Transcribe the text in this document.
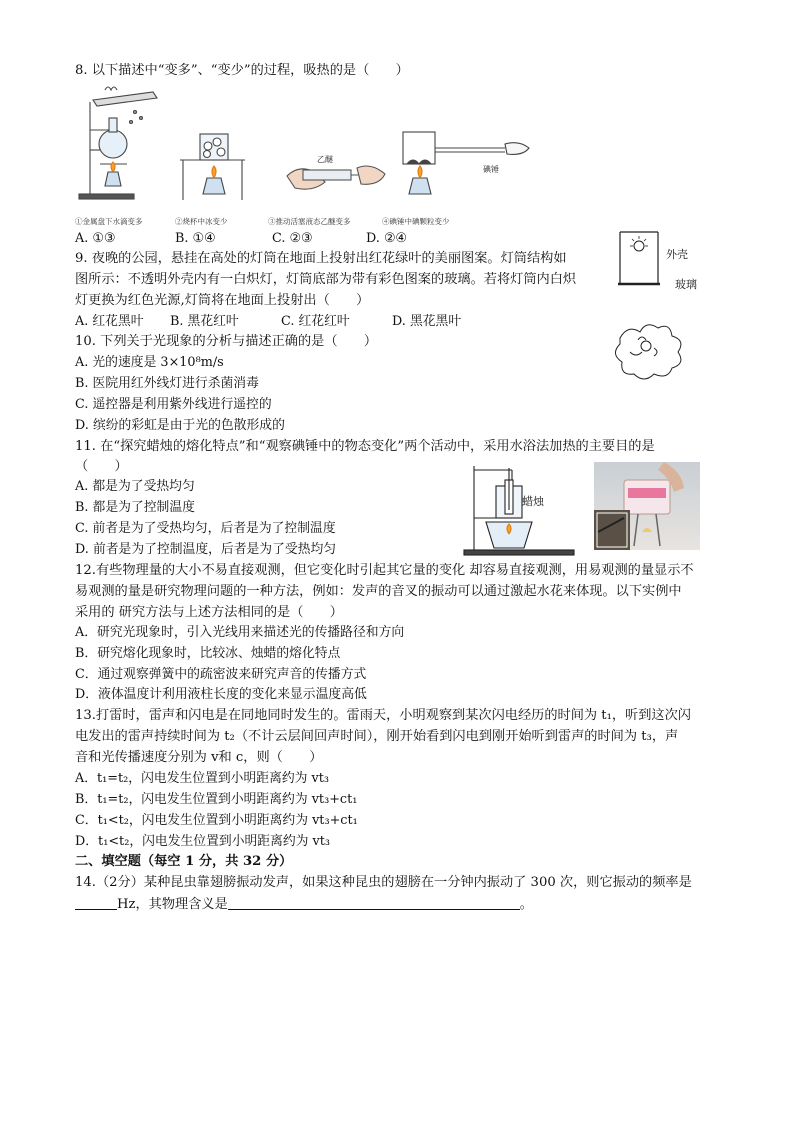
8. 以下描述中“变多”、“变少”的过程，吸热的是（　　）
乙醚
碘锤
①金属盘下水滴变多	②烧杯中冰变少	③推动活塞液态乙醚变多	④碘锤中碘颗粒变少
A. ①③	B. ①④	C. ②③	D. ②④
9. 夜晚的公园，悬挂在高处的灯筒在地面上投射出红花绿叶的美丽图案。灯筒结构如
图所示：不透明外壳内有一白炽灯，灯筒底部为带有彩色图案的玻璃。若将灯筒内白炽
灯更换为红色光源,灯筒将在地面上投射出（　　）
A. 红花黑叶 B. 黑花红叶	C. 红花红叶	D. 黑花黑叶
外壳
玻璃
10. 下列关于光现象的分析与描述正确的是（　　）
A. 光的速度是 3×10⁸m/s
B. 医院用红外线灯进行杀菌消毒
C. 遥控器是利用紫外线进行遥控的
D. 缤纷的彩虹是由于光的色散形成的
11. 在“探究蜡烛的熔化特点”和“观察碘锤中的物态变化”两个活动中，采用水浴法加热的主要目的是
（　　）
A. 都是为了受热均匀
B. 都是为了控制温度
C. 前者是为了受热均匀，后者是为了控制温度
D. 前者是为了控制温度，后者是为了受热均匀
蜡烛
12.有些物理量的大小不易直接观测，但它变化时引起其它量的变化 却容易直接观测，用易观测的量显示不
易观测的量是研究物理问题的一种方法，例如：发声的音叉的振动可以通过激起水花来体现。以下实例中
采用的 研究方法与上述方法相同的是（　　）
A．研究光现象时，引入光线用来描述光的传播路径和方向
B．研究熔化现象时，比较冰、烛蜡的熔化特点
C．通过观察弹簧中的疏密波来研究声音的传播方式
D．液体温度计利用液柱长度的变化来显示温度高低
13.打雷时，雷声和闪电是在同地同时发生的。雷雨天，小明观察到某次闪电经历的时间为 t₁，听到这次闪
电发出的雷声持续时间为 t₂（不计云层间回声时间），刚开始看到闪电到刚开始听到雷声的时间为 t₃，声
音和光传播速度分别为 v和 c，则（　　）
A．t₁=t₂，闪电发生位置到小明距离约为 vt₃
B．t₁=t₂，闪电发生位置到小明距离约为 vt₃+ct₁
C．t₁<t₂，闪电发生位置到小明距离约为 vt₃+ct₁
D．t₁<t₂，闪电发生位置到小明距离约为 vt₃
二、填空题（每空 1 分，共 32 分）
14.（2分）某种昆虫靠翅膀振动发声，如果这种昆虫的翅膀在一分钟内振动了 300 次，则它振动的频率是
Hz，其物理含义是	。
